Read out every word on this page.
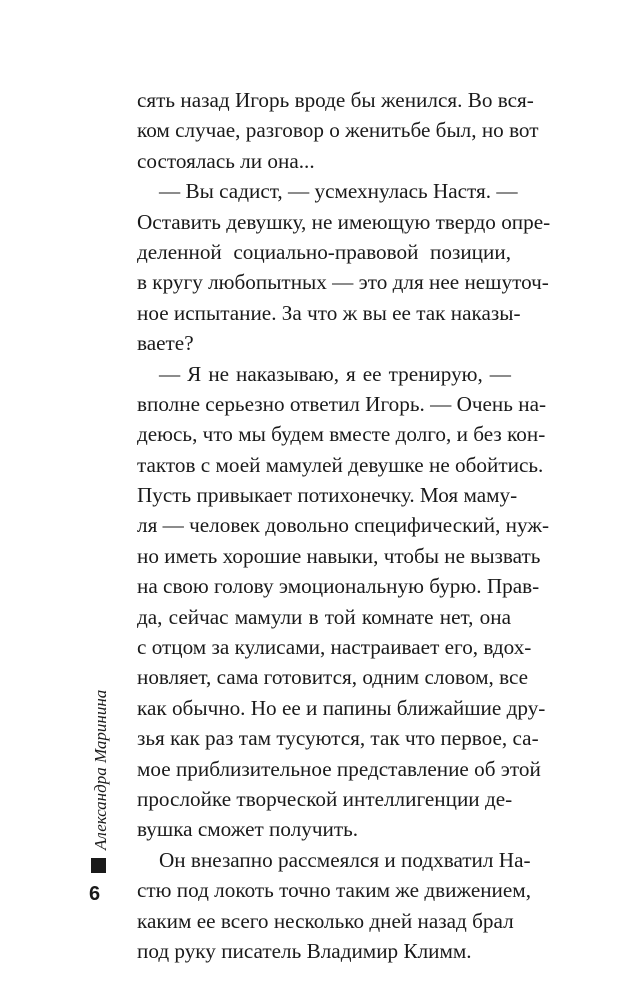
сять назад Игорь вроде бы женился. Во вся-
ком случае, разговор о женитьбе был, но вот
состоялась ли она...
— Вы садист, — усмехнулась Настя. —
Оставить девушку, не имеющую твердо опре-
деленной социально-правовой позиции,
в кругу любопытных — это для нее нешуточ-
ное испытание. За что ж вы ее так наказы-
ваете?
— Я не наказываю, я ее тренирую, —
вполне серьезно ответил Игорь. — Очень на-
деюсь, что мы будем вместе долго, и без кон-
тактов с моей мамулей девушке не обойтись.
Пусть привыкает потихонечку. Моя маму-
ля — человек довольно специфический, нуж-
но иметь хорошие навыки, чтобы не вызвать
на свою голову эмоциональную бурю. Прав-
да, сейчас мамули в той комнате нет, она
с отцом за кулисами, настраивает его, вдох-
новляет, сама готовится, одним словом, все
как обычно. Но ее и папины ближайшие дру-
зья как раз там тусуются, так что первое, са-
мое приблизительное представление об этой
прослойке творческой интеллигенции де-
вушка сможет получить.
Он внезапно рассмеялся и подхватил На-
стю под локоть точно таким же движением,
каким ее всего несколько дней назад брал
под руку писатель Владимир Климм.
Александра Маринина
6
